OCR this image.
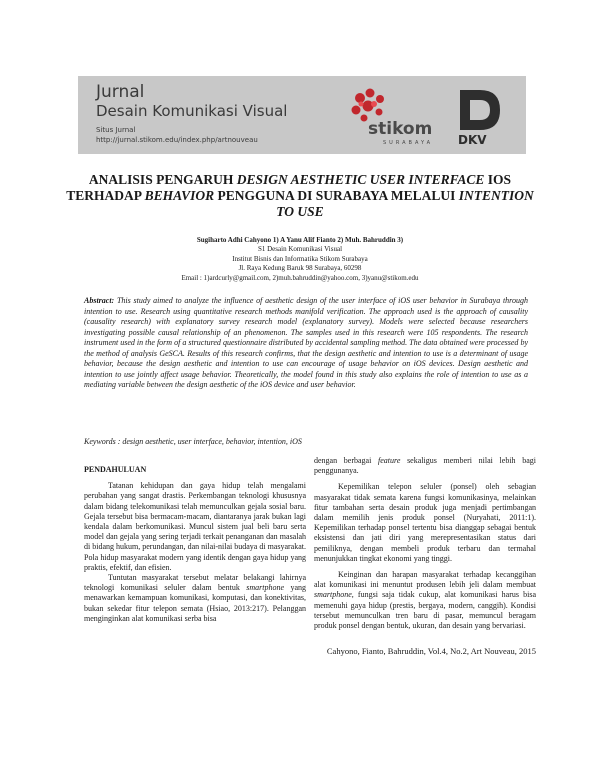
Jurnal
Desain Komunikasi Visual
Situs Jurnal
http://jurnal.stikom.edu/index.php/artnouveau
stikom
SURABAYA DKV
ANALISIS PENGARUH DESIGN AESTHETIC USER INTERFACE IOS TERHADAP BEHAVIOR PENGGUNA DI SURABAYA MELALUI INTENTION TO USE
Sugiharto Adhi Cahyono 1) A Yanu Alif Fianto 2) Muh. Bahruddin 3)
S1 Desain Komunikasi Visual
Institut Bisnis dan Informatika Stikom Surabaya
Jl. Raya Kedung Baruk 98 Surabaya, 60298
Email : 1)ardcurly@gmail.com, 2)muh.bahruddin@yahoo.com, 3)yanu@stikom.edu
Abstract: This study aimed to analyze the influence of aesthetic design of the user interface of iOS user behavior in Surabaya through intention to use. Research using quantitative research methods manifold verification. The approach used is the approach of causality (causality research) with explanatory survey research model (explanatory survey). Models were selected because researchers investigating possible causal relationship of an phenomenon. The samples used in this research were 105 respondents. The research instrument used in the form of a structured questionnaire distributed by accidental sampling method. The data obtained were processed by the method of analysis GeSCA. Results of this research confirms, that the design aesthetic and intention to use is a determinant of usage behavior, because the design aesthetic and intention to use can encourage of usage behavior on iOS devices. Design aesthetic and intention to use jointly affect usage behavior. Theoretically, the model found in this study also explains the role of intention to use as a mediating variable between the design aesthetic of the iOS device and user behavior.
Keywords : design aesthetic, user interface, behavior, intention, iOS

PENDAHULUAN

Tatanan kehidupan dan gaya hidup telah mengalami perubahan yang sangat drastis. Perkembangan teknologi khususnya dalam bidang telekomunikasi telah memunculkan gejala sosial baru. Gejala tersebut bisa bermacam-macam, diantaranya jarak bukan lagi kendala dalam berkomunikasi. Muncul sistem jual beli baru serta model dan gejala yang sering terjadi terkait penanganan dan masalah di bidang hukum, perundangan, dan nilai-nilai budaya di masyarakat. Pola hidup masyarakat modern yang identik dengan gaya hidup yang praktis, efektif, dan efisien.

Tuntutan masyarakat tersebut melatar belakangi lahirnya teknologi komunikasi seluler dalam bentuk smartphone yang menawarkan kemampuan komunikasi, komputasi, dan konektivitas, bukan sekedar fitur telepon semata (Hsiao, 2013:217). Pelanggan menginginkan alat komunikasi serba bisa

dengan berbagai feature sekaligus memberi nilai lebih bagi penggunanya.

Kepemilikan telepon seluler (ponsel) oleh sebagian masyarakat tidak semata karena fungsi komunikasinya, melainkan fitur tambahan serta desain produk juga menjadi pertimbangan dalam memilih jenis produk ponsel (Nuryahati, 2011:1). Kepemilikan terhadap ponsel tertentu bisa dianggap sebagai bentuk eksistensi dan jati diri yang merepresentasikan status dari pemiliknya, dengan membeli produk terbaru dan termahal menunjukkan tingkat ekonomi yang tinggi.

Keinginan dan harapan masyarakat terhadap kecanggihan alat komunikasi ini menuntut produsen lebih jeli dalam membuat smartphone, fungsi saja tidak cukup, alat komunikasi harus bisa memenuhi gaya hidup (prestis, bergaya, modern, canggih). Kondisi tersebut memunculkan tren baru di pasar, memuncul beragam produk ponsel dengan bentuk, ukuran, dan desain yang bervariasi.

Cahyono, Fianto, Bahruddin, Vol.4, No.2, Art Nouveau, 2015
